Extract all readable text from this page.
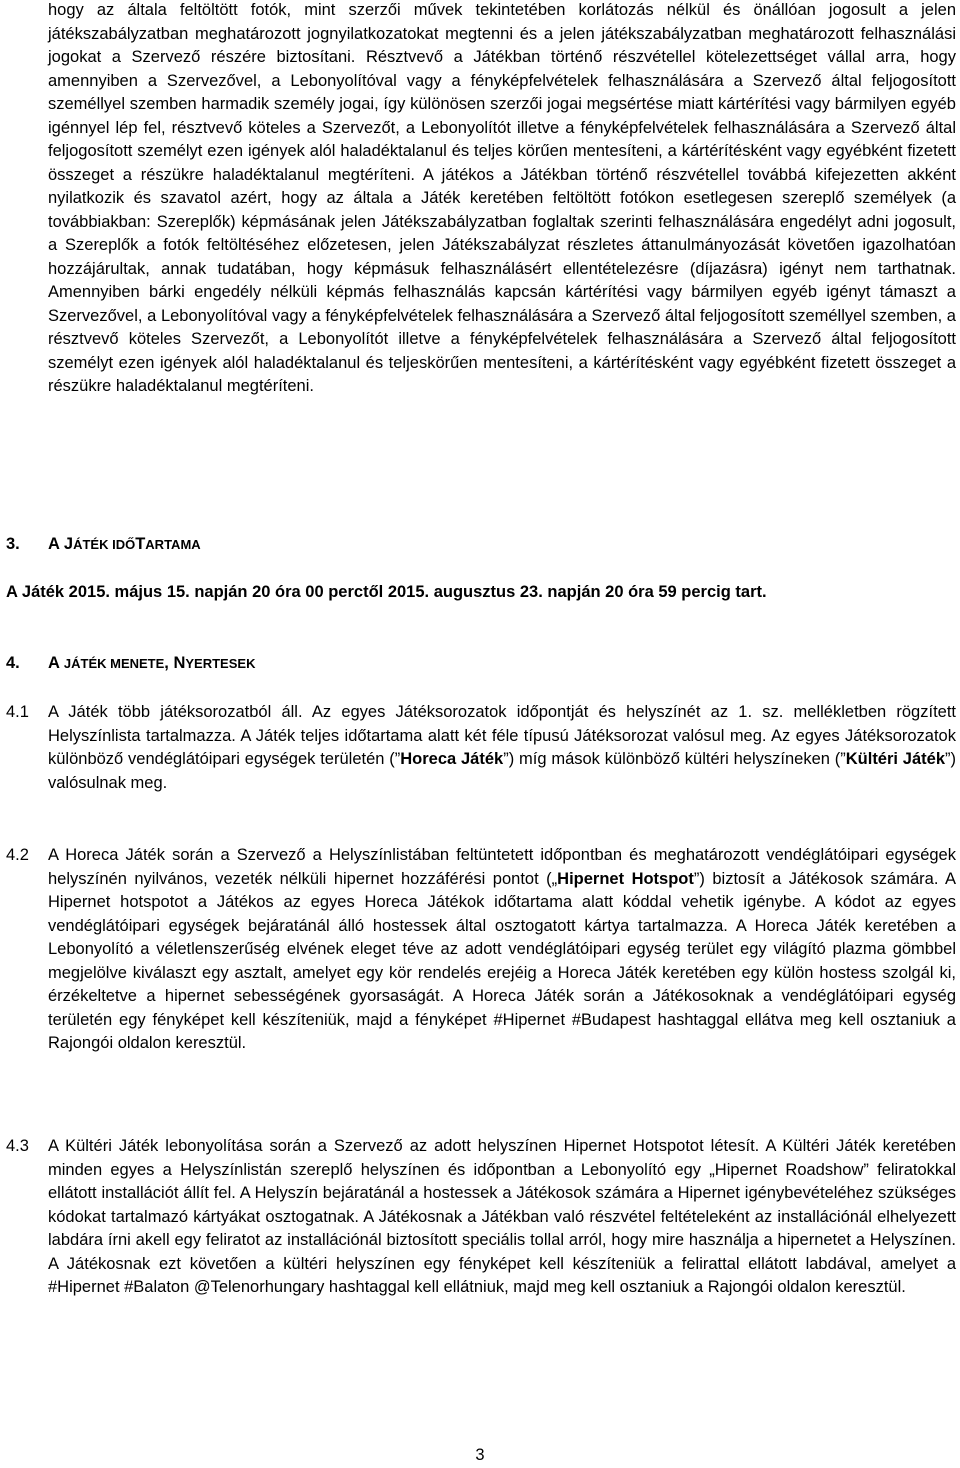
hogy az általa feltöltött fotók, mint szerzői művek tekintetében korlátozás nélkül és önállóan jogosult a jelen játékszabályzatban meghatározott jognyilatkozatokat megtenni és a jelen játékszabályzatban meghatározott felhasználási jogokat a Szervező részére biztosítani. Résztvevő a Játékban történő részvétellel kötelezettséget vállal arra, hogy amennyiben a Szervezővel, a Lebonyolítóval vagy a fényképfelvételek felhasználására a Szervező által feljogosított személlyel szemben harmadik személy jogai, így különösen szerzői jogai megsértése miatt kártérítési vagy bármilyen egyéb igénnyel lép fel, résztvevő köteles a Szervezőt, a Lebonyolítót illetve a fényképfelvételek felhasználására a Szervező által feljogosított személyt ezen igények alól haladéktalanul és teljes körűen mentesíteni, a kártérítésként vagy egyébként fizetett összeget a részükre haladéktalanul megtéríteni. A játékos a Játékban történő részvétellel továbbá kifejezetten akként nyilatkozik és szavatol azért, hogy az általa a Játék keretében feltöltött fotókon esetlegesen szereplő személyek (a továbbiakban: Szereplők) képmásának jelen Játékszabályzatban foglaltak szerinti felhasználására engedélyt adni jogosult, a Szereplők a fotók feltöltéséhez előzetesen, jelen Játékszabályzat részletes áttanulmányozását követően igazolhatóan hozzájárultak, annak tudatában, hogy képmásuk felhasználásért ellentételezésre (díjazásra) igényt nem tarthatnak. Amennyiben bárki engedély nélküli képmás felhasználás kapcsán kártérítési vagy bármilyen egyéb igényt támaszt a Szervezővel, a Lebonyolítóval vagy a fényképfelvételek felhasználására a Szervező által feljogosított személlyel szemben, a résztvevő köteles Szervezőt, a Lebonyolítót illetve a fényképfelvételek felhasználására a Szervező által feljogosított személyt ezen igények alól haladéktalanul és teljeskörűen mentesíteni, a kártérítésként vagy egyébként fizetett összeget a részükre haladéktalanul megtéríteni.

3. A JÁTÉK IDŐTARTAMA

A Játék 2015. május 15. napján 20 óra 00 perctől 2015. augusztus 23. napján 20 óra 59 percig tart.

4. A JÁTÉK MENETE, NYERTESEK
4.1 A Játék több játéksorozatból áll. Az egyes Játéksorozatok időpontját és helyszínét az 1. sz. mellékletben rögzített Helyszínlista tartalmazza. A Játék teljes időtartama alatt két féle típusú Játéksorozat valósul meg. Az egyes Játéksorozatok különböző vendéglátóipari egységek területén (”Horeca Játék”) míg mások különböző kültéri helyszíneken (”Kültéri Játék”) valósulnak meg.

4.2 A Horeca Játék során a Szervező a Helyszínlistában feltüntetett időpontban és meghatározott vendéglátóipari egységek helyszínén nyilvános, vezeték nélküli hipernet hozzáférési pontot („Hipernet Hotspot”) biztosít a Játékosok számára. A Hipernet hotspotot a Játékos az egyes Horeca Játékok időtartama alatt kóddal vehetik igénybe. A kódot az egyes vendéglátóipari egységek bejáratánál álló hostessek által osztogatott kártya tartalmazza. A Horeca Játék keretében a Lebonyolító a véletlenszerűség elvének eleget téve az adott vendéglátóipari egység terület egy világító plazma gömbbel megjelölve kiválaszt egy asztalt, amelyet egy kör rendelés erejéig a Horeca Játék keretében egy külön hostess szolgál ki, érzékeltetve a hipernet sebességének gyorsaságát. A Horeca Játék során a Játékosoknak a vendéglátóipari egység területén egy fényképet kell készíteniük, majd a fényképet #Hipernet #Budapest hashtaggal ellátva meg kell osztaniuk a Rajongói oldalon keresztül.

4.3 A Kültéri Játék lebonyolítása során a Szervező az adott helyszínen Hipernet Hotspotot létesít. A Kültéri Játék keretében minden egyes a Helyszínlistán szereplő helyszínen és időpontban a Lebonyolító egy „Hipernet Roadshow” feliratokkal ellátott installációt állít fel. A Helyszín bejáratánál a hostessek a Játékosok számára a Hipernet igénybevételéhez szükséges kódokat tartalmazó kártyákat osztogatnak. A Játékosnak a Játékban való részvétel feltételeként az installációnál elhelyezett labdára írni akell egy feliratot az installációnál biztosított speciális tollal arról, hogy mire használja a hipernetet a Helyszínen. A Játékosnak ezt követően a kültéri helyszínen egy fényképet kell készíteniük a felirattal ellátott labdával, amelyet a #Hipernet #Balaton @Telenorhungary hashtaggal kell ellátniuk, majd meg kell osztaniuk a Rajongói oldalon keresztül.

3
